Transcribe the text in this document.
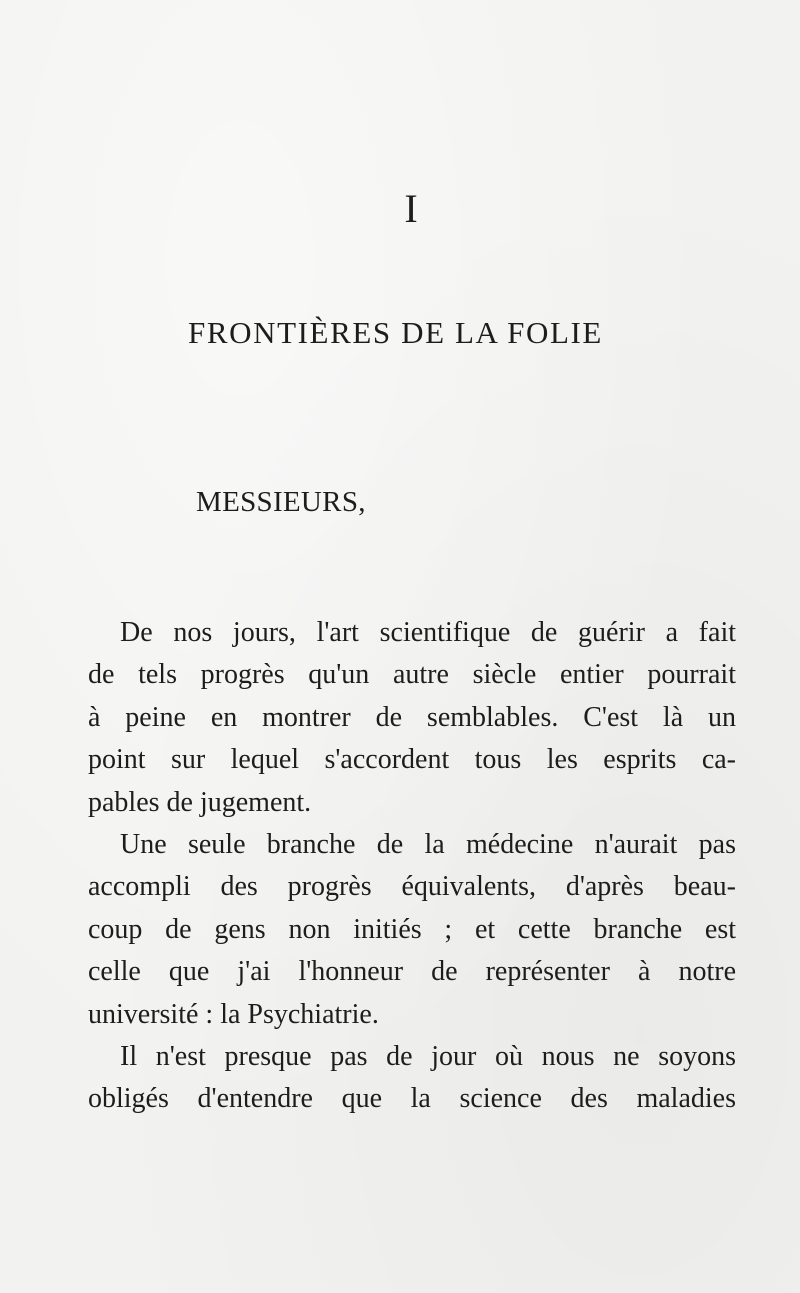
I
FRONTIÈRES DE LA FOLIE
MESSIEURS,
De nos jours, l'art scientifique de guérir a fait
de tels progrès qu'un autre siècle entier pourrait
à peine en montrer de semblables. C'est là un
point sur lequel s'accordent tous les esprits ca-
pables de jugement.
Une seule branche de la médecine n'aurait pas
accompli des progrès équivalents, d'après beau-
coup de gens non initiés ; et cette branche est
celle que j'ai l'honneur de représenter à notre
université : la Psychiatrie.
Il n'est presque pas de jour où nous ne soyons
obligés d'entendre que la science des maladies
